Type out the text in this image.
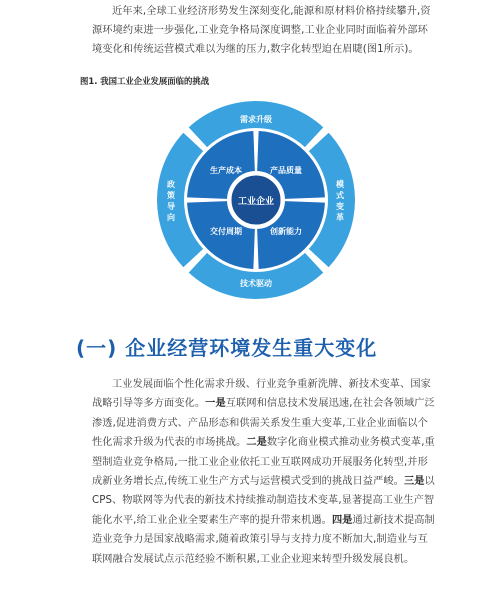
近年来,全球工业经济形势发生深刻变化,能源和原材料价格持续攀升,资源环境约束进一步强化,工业竞争格局深度调整,工业企业同时面临着外部环境变化和传统运营模式难以为继的压力,数字化转型迫在眉睫(图1所示)。
图1. 我国工业企业发展面临的挑战
工业企业
生产成本	产品质量
交付周期	创新能力
需求升级
技术驱动
模
式
变
革
政
策
导
向
(一) 企业经营环境发生重大变化

工业发展面临个性化需求升级、行业竞争重新洗牌、新技术变革、国家战略引导等多方面变化。一是互联网和信息技术发展迅速,在社会各领域广泛渗透,促进消费方式、产品形态和供需关系发生重大变革,工业企业面临以个性化需求升级为代表的市场挑战。二是数字化商业模式推动业务模式变革,重塑制造业竞争格局,一批工业企业依托工业互联网成功开展服务化转型,并形成新业务增长点,传统工业生产方式与运营模式受到的挑战日益严峻。三是以CPS、物联网等为代表的新技术持续推动制造技术变革,显著提高工业生产智能化水平,给工业企业全要素生产率的提升带来机遇。四是通过新技术提高制造业竞争力是国家战略需求,随着政策引导与支持力度不断加大,制造业与互联网融合发展试点示范经验不断积累,工业企业迎来转型升级发展良机。
